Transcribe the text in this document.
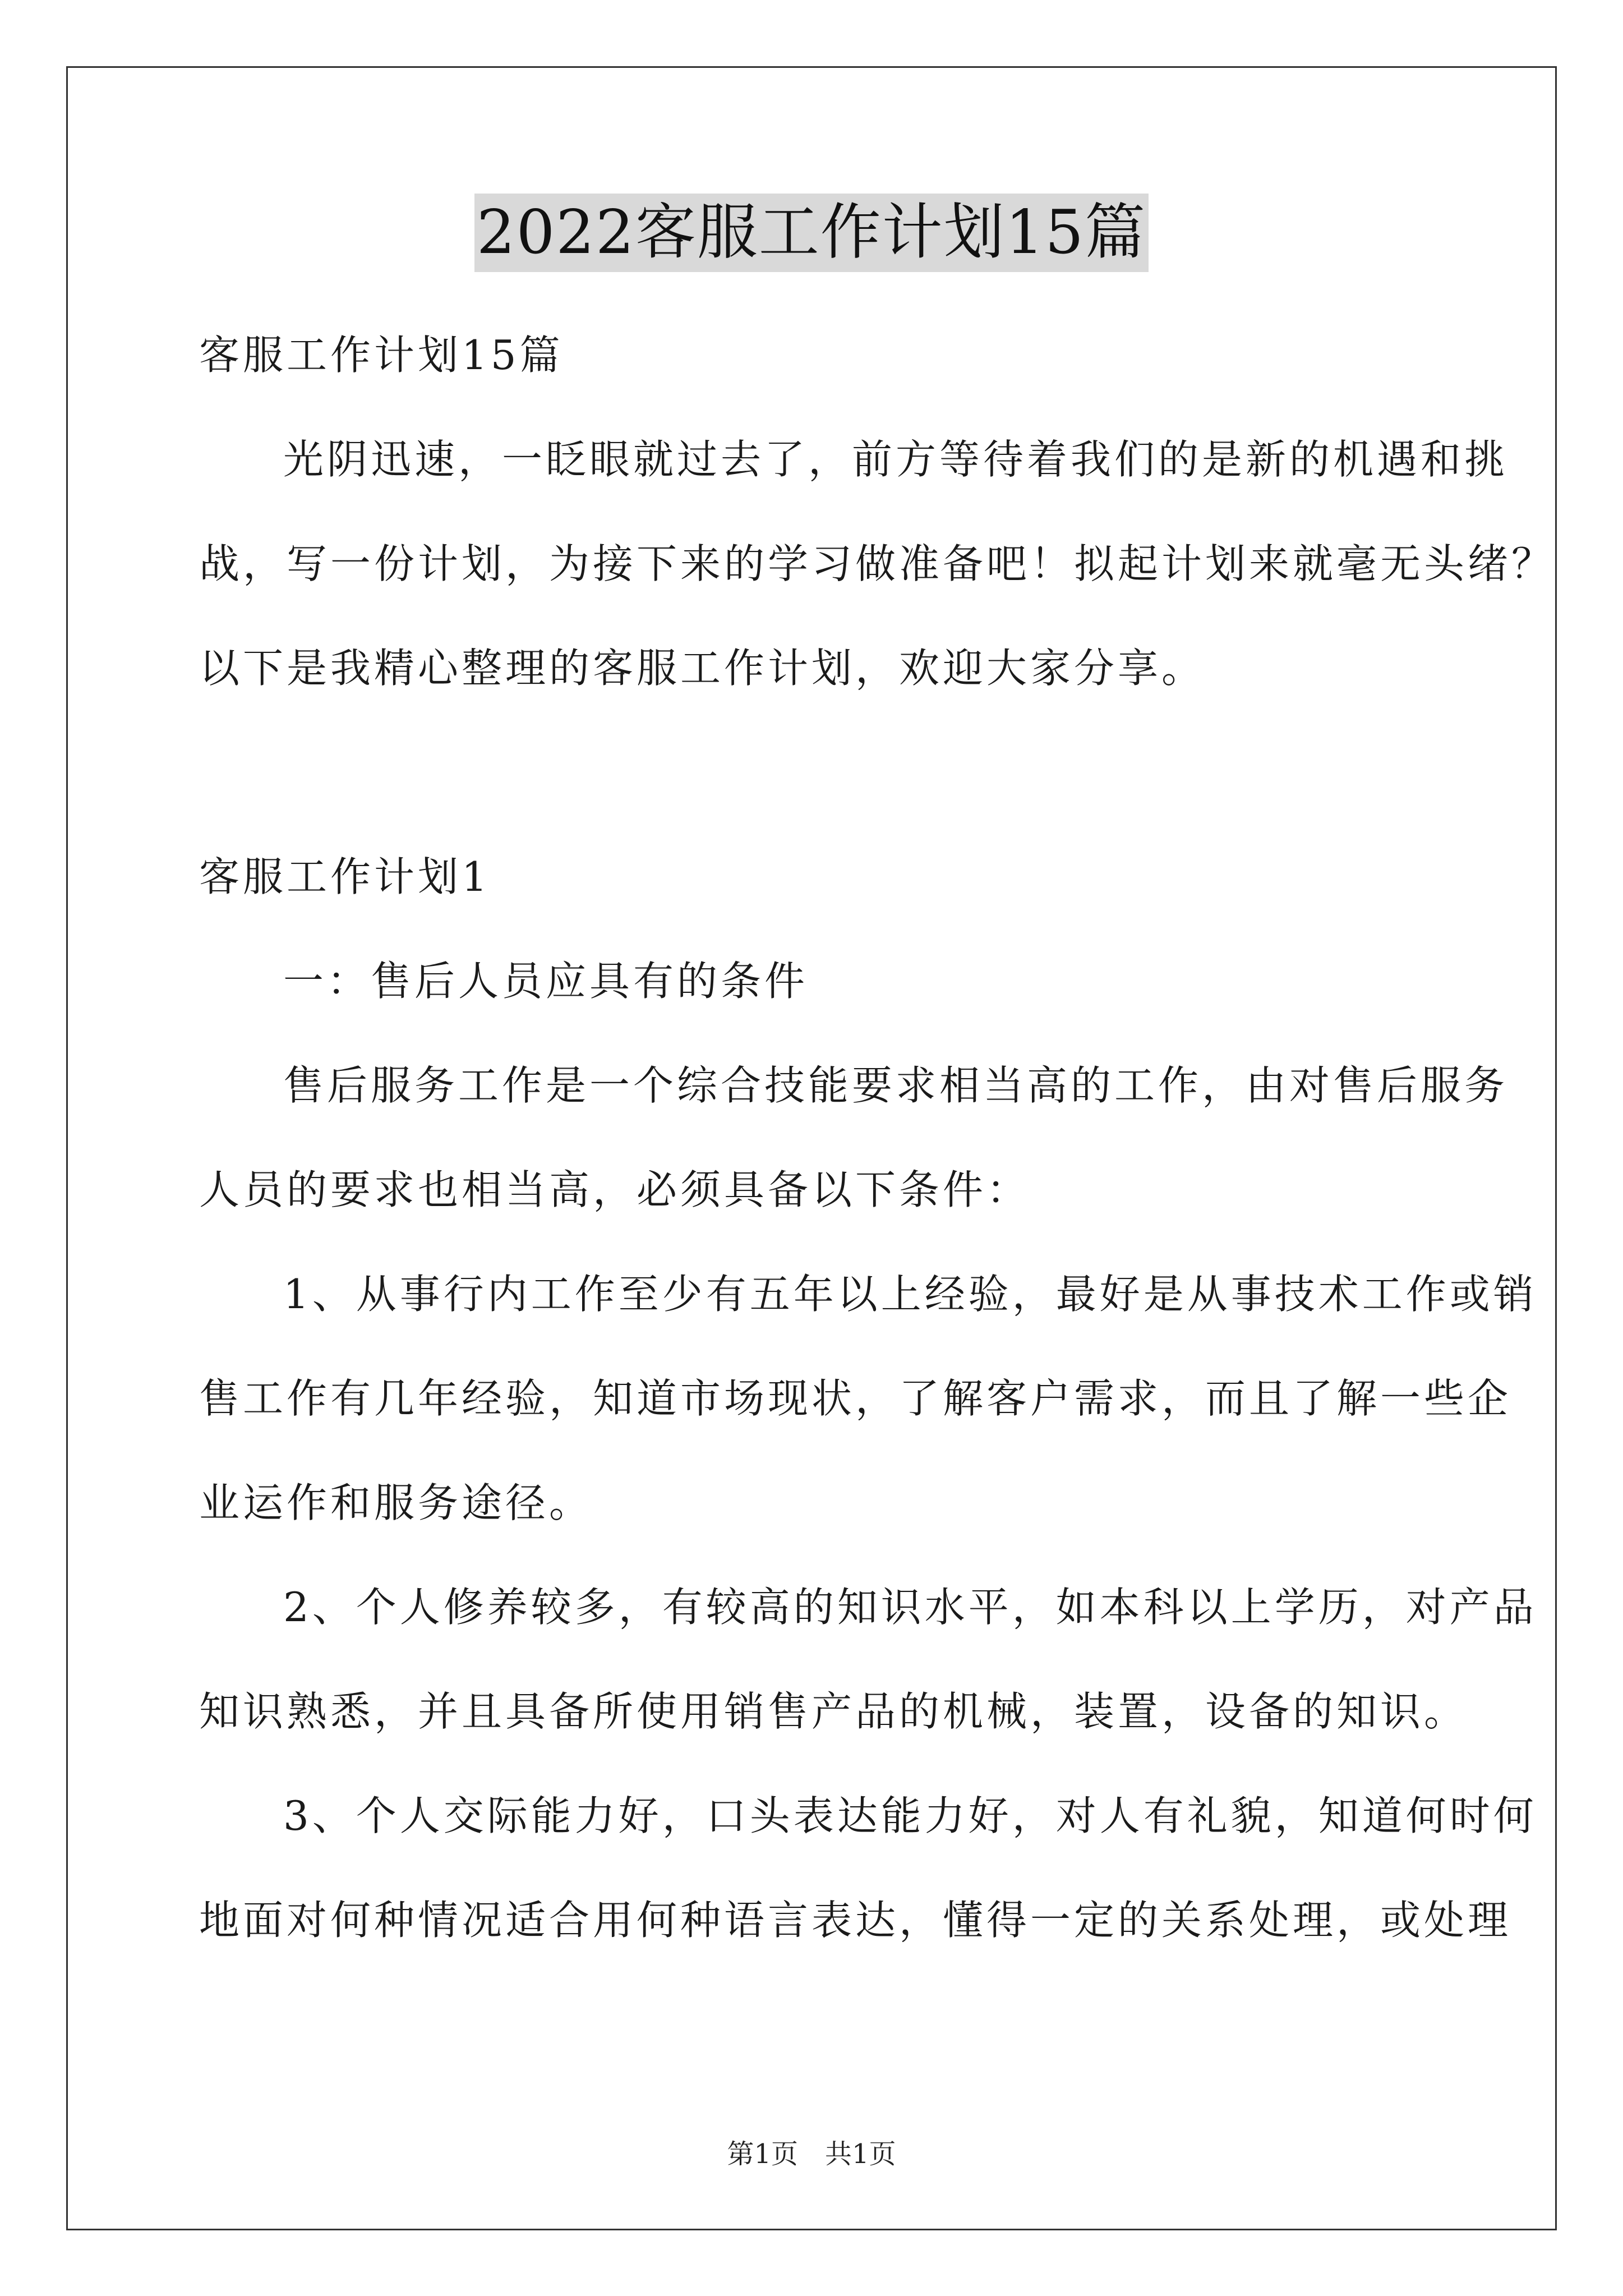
2022客服工作计划15篇
客服工作计划15篇
光阴迅速，一眨眼就过去了，前方等待着我们的是新的机遇和挑
战，写一份计划，为接下来的学习做准备吧！拟起计划来就毫无头绪？
以下是我精心整理的客服工作计划，欢迎大家分享。
客服工作计划1
一：售后人员应具有的条件
售后服务工作是一个综合技能要求相当高的工作，由对售后服务
人员的要求也相当高，必须具备以下条件：
1、从事行内工作至少有五年以上经验，最好是从事技术工作或销
售工作有几年经验，知道市场现状，了解客户需求，而且了解一些企
业运作和服务途径。
2、个人修养较多，有较高的知识水平，如本科以上学历，对产品
知识熟悉，并且具备所使用销售产品的机械，装置，设备的知识。
3、个人交际能力好，口头表达能力好，对人有礼貌，知道何时何
地面对何种情况适合用何种语言表达，懂得一定的关系处理，或处理
第1页　共1页
